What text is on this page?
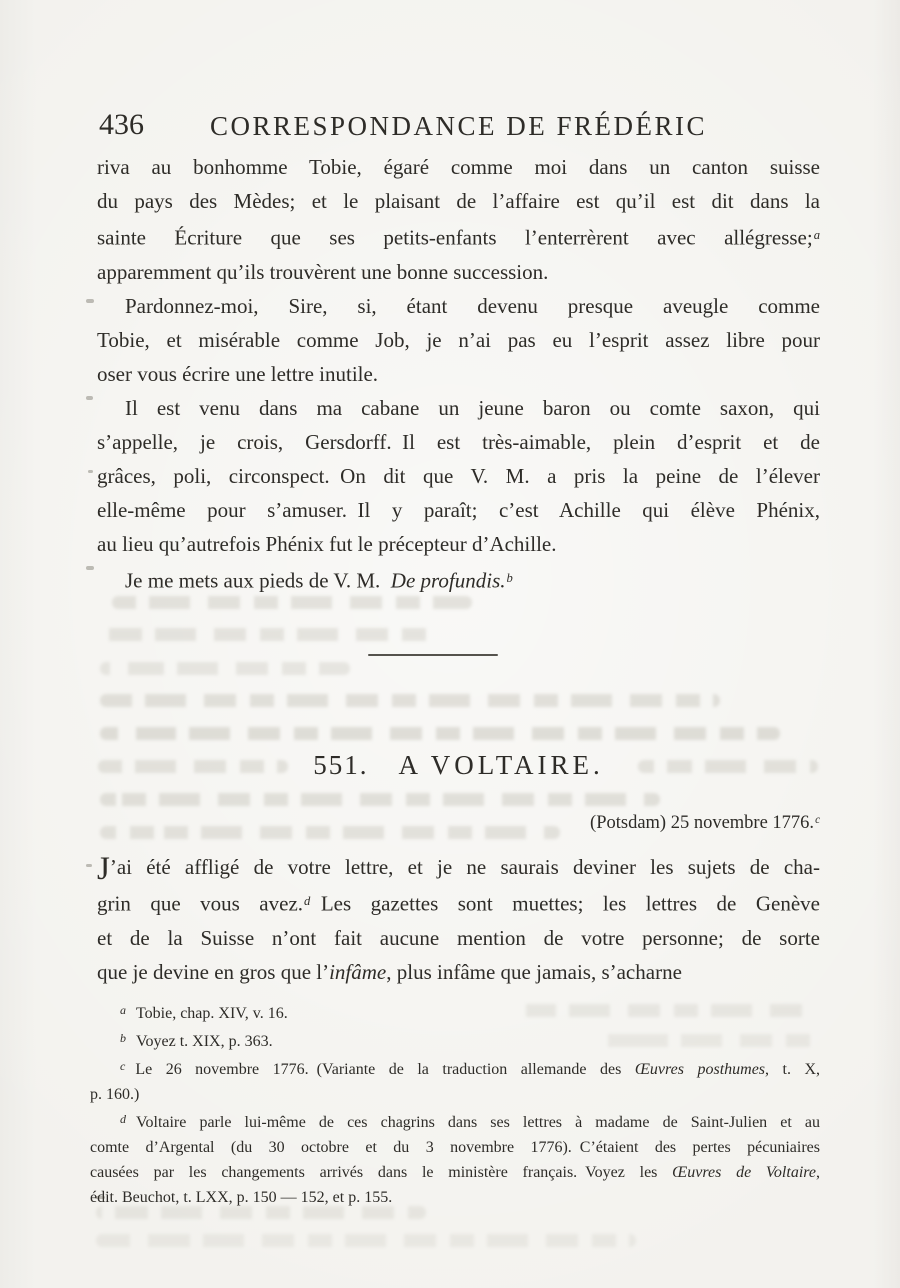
436	CORRESPONDANCE DE FRÉDÉRIC
riva au bonhomme Tobie, égaré comme moi dans un canton suisse
du pays des Mèdes; et le plaisant de l’affaire est qu’il est dit dans la
sainte Écriture que ses petits-enfants l’enterrèrent avec allégresse;$^a$
apparemment qu’ils trouvèrent une bonne succession.
Pardonnez-moi, Sire, si, étant devenu presque aveugle comme
Tobie, et misérable comme Job, je n’ai pas eu l’esprit assez libre pour
oser vous écrire une lettre inutile.
Il est venu dans ma cabane un jeune baron ou comte saxon, qui
s’appelle, je crois, Gersdorff. Il est très-aimable, plein d’esprit et de
grâces, poli, circonspect. On dit que V. M. a pris la peine de l’élever
elle-même pour s’amuser. Il y paraît; c’est Achille qui élève Phénix,
au lieu qu’autrefois Phénix fut le précepteur d’Achille.
Je me mets aux pieds de V. M. De profundis.$^b$
551. A VOLTAIRE.
(Potsdam) 25 novembre 1776.$^c$
J’ai été affligé de votre lettre, et je ne saurais deviner les sujets de cha-
grin que vous avez.$^d$ Les gazettes sont muettes; les lettres de Genève
et de la Suisse n’ont fait aucune mention de votre personne; de sorte
que je devine en gros que l’infâme, plus infâme que jamais, s’acharne
$^a$ Tobie, chap. XIV, v. 16.
$^b$ Voyez t. XIX, p. 363.
$^c$ Le 26 novembre 1776. (Variante de la traduction allemande des Œuvres posthumes, t. X,
p. 160.)
$^d$ Voltaire parle lui-même de ces chagrins dans ses lettres à madame de Saint-Julien et au
comte d’Argental (du 30 octobre et du 3 novembre 1776). C’étaient des pertes pécuniaires
causées par les changements arrivés dans le ministère français. Voyez les Œuvres de Voltaire,
édit. Beuchot, t. LXX, p. 150 — 152, et p. 155.
